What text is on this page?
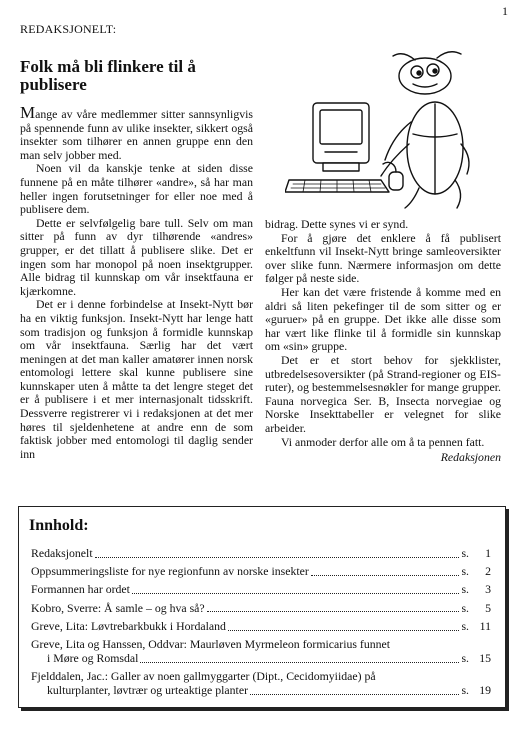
1
REDAKSJONELT:
Folk må bli flinkere til å publisere

Mange av våre medlemmer sitter sannsynligvis på spennende funn av ulike insekter, sikkert også insekter som tilhører en annen gruppe enn den man selv jobber med.

Noen vil da kanskje tenke at siden disse funnene på en måte tilhører «andre», så har man heller ingen forutsetninger for eller noe med å publisere dem.

Dette er selvfølgelig bare tull. Selv om man sitter på funn av dyr tilhørende «andres» grupper, er det tillatt å publisere slike. Det er ingen som har monopol på noen insektgrupper. Alle bidrag til kunnskap om vår insektfauna er kjærkomne.

Det er i denne forbindelse at Insekt-Nytt bør ha en viktig funksjon. Insekt-Nytt har lenge hatt som tradisjon og funksjon å formidle kunnskap om vår insektfauna. Særlig har det vært meningen at det man kaller amatører innen norsk entomologi lettere skal kunne publisere sine kunnskaper uten å måtte ta det lengre steget det er å publisere i et mer internasjonalt tidsskrift. Dessverre registrerer vi i redaksjonen at det mer høres til sjeldenhetene at andre enn de som faktisk jobber med entomologi til daglig sender inn

bidrag. Dette synes vi er synd.

For å gjøre det enklere å få publisert enkeltfunn vil Insekt-Nytt bringe samleoversikter over slike funn. Nærmere informasjon om dette følger på neste side.

Her kan det være fristende å komme med en aldri så liten pekefinger til de som sitter og er «guruer» på en gruppe. Det ikke alle disse som har vært like flinke til å formidle sin kunnskap om «sin» gruppe.

Det er et stort behov for sjekklister, utbredelsesoversikter (på Strand-regioner og EIS-ruter), og bestemmelsesnøkler for mange grupper. Fauna norvegica Ser. B, Insecta norvegiae og Norske Insekttabeller er velegnet for slike arbeider.

Vi anmoder derfor alle om å ta pennen fatt.

Redaksjonen

Innhold:
Redaksjonelt	s.	1
Oppsummeringsliste for nye regionfunn av norske insekter	s.	2
Formannen har ordet	s.	3
Kobro, Sverre: Å samle – og hva så?	s.	5
Greve, Lita: Løvtrebarkbukk i Hordaland	s. 11
Greve, Lita og Hanssen, Oddvar: Maurløven Myrmeleon formicarius funnet
i Møre og Romsdal	s. 15
Fjelddalen, Jac.: Galler av noen gallmyggarter (Dipt., Cecidomyiidae) på
kulturplanter, løvtrær og urteaktige planter	s. 19
